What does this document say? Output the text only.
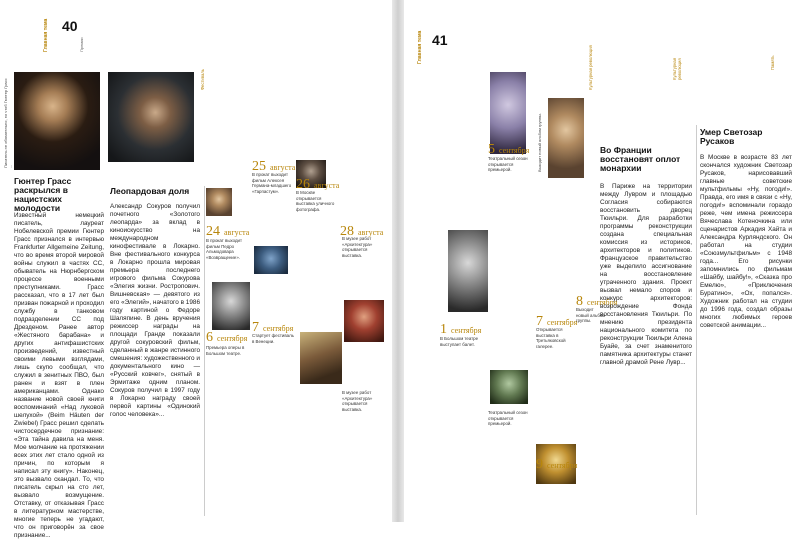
40
Главная тема	Премии
Фестиваль
Писатель не обязательно, но чтоб Гюнтер Грасс ...
Гюнтер Грасс раскрылся в нацистских молодости
Известный немецкий писатель, лауреат Нобелевской премии Гюнтер Грасс признался в интервью Frankfurter Allgemeine Zeitung, что во время второй мировой войны служил в частях СС, обыватель на Нюрнбергском процессе военными преступниками. Грасс рассказал, что в 17 лет был призван пожарной и проходил службу в танковом подразделении СС под Дрезденом. Ранее автор «Жестяного барабана» и других антифашистских произведений, известный своими левыми взглядами, лишь скупо сообщал, что служил в зенитных ПВО, был ранен и взят в плен американцами. Однако название новой своей книги воспоминаний «Над луковой шелухой» (Beim Häuten der Zwiebel) Грасс решил сделать чистосердечное признание: «Эта тайна давила на меня. Мое молчание на протяжении всех этих лет стало одной из причин, по которым я написал эту книгу». Наконец, это вызвало скандал. То, что писатель скрыл на сто лет, вызвало возмущение. Отставку, от отказывая Грасс в литературном мастерстве, многие теперь не угадают, что он приговорён за свое признание...
Леопардовая доля
Александр Сокуров получил почетного «Золотого леопарда» за вклад в киноискусство на международном кинофестивале в Локарно. Вне фестивального конкурса в Локарно прошла мировая премьера последнего игрового фильма Сокурова «Элегия жизни. Ростропович. Вишневская» — девятого из его «Элегий», начатого в 1986 году картиной о Федоре Шаляпине. В день вручения режиссер награды на площади Гранде показали другой сокуровский фильм, сделанный в жанре истинного смешения: художественного и документального кино — «Русский ковчег», снятый в Эрмитаже одним планом. Сокуров получил в 1997 году в Локарно награду своей первой картины «Одинокий голос человека»...
24 августа
В прокат выходит фильм Педро Альмодовара «Возвращение».
6 сентября
Премьера оперы в Большом театре.
25 августа
В прокат выходит фильм Алексея Германа-младшего «Гарпастум».
7 сентября
Стартует фестиваль в Венеции.
26 августа
В Москве открывается выставка уличного фотографа.
28 августа
В музее работ «Архитектура» открывается выставка.
В музее работ «Архитектура» открывается выставка.
41
Главная тема	Культурная революция	Культурная революция	Память
1 сентября
В Большом театре выступает балет.
5 сентября
Театральный сезон открывается премьерой.
Театральный сезон открывается премьерой.
7 сентября
Открывается выставка в Третьяковской галерее.
Выходит новый альбом группы.
8 сентября
Выходит новый альбом группы.
9 сентября
Во Франции восстановят оплот монархии
В Париже на территории между Лувром и площадью Согласия собираются восстановить дворец Тюильри. Для разработки программы реконструкции создана специальная комиссия из историков, архитекторов и политиков. Французское правительство уже выделило ассигнование на восстановление утраченного здания. Проект вызвал немало споров и конкурс архитекторов: возрождение Фонда восстановления Тюильри. По мнению президента национального комитета по реконструкции Тюильри Алена Буайе, за счет знаменитого памятника архитектуры станет главной драмой Рене Лувр...
Умер Светозар Русаков
В Москве в возрасте 83 лет скончался художник Светозар Русаков, нарисовавший главные советские мультфильмы «Ну, погоди!». Правда, его имя в связи с «Ну, погоди!» вспоминали гораздо реже, чем имена режиссера Вячеслава Котеночкина или сценаристов Аркадия Хайта и Александра Курляндского. Он работал на студии «Союзмультфильм» с 1948 года... Его рисунки запомнились по фильмам «Шайбу, шайбу!», «Сказка про Емелю», «Приключения Буратино», «Ох, попался». Художник работал на студии до 1996 года, создал образы многих любимых героев советской анимации...
